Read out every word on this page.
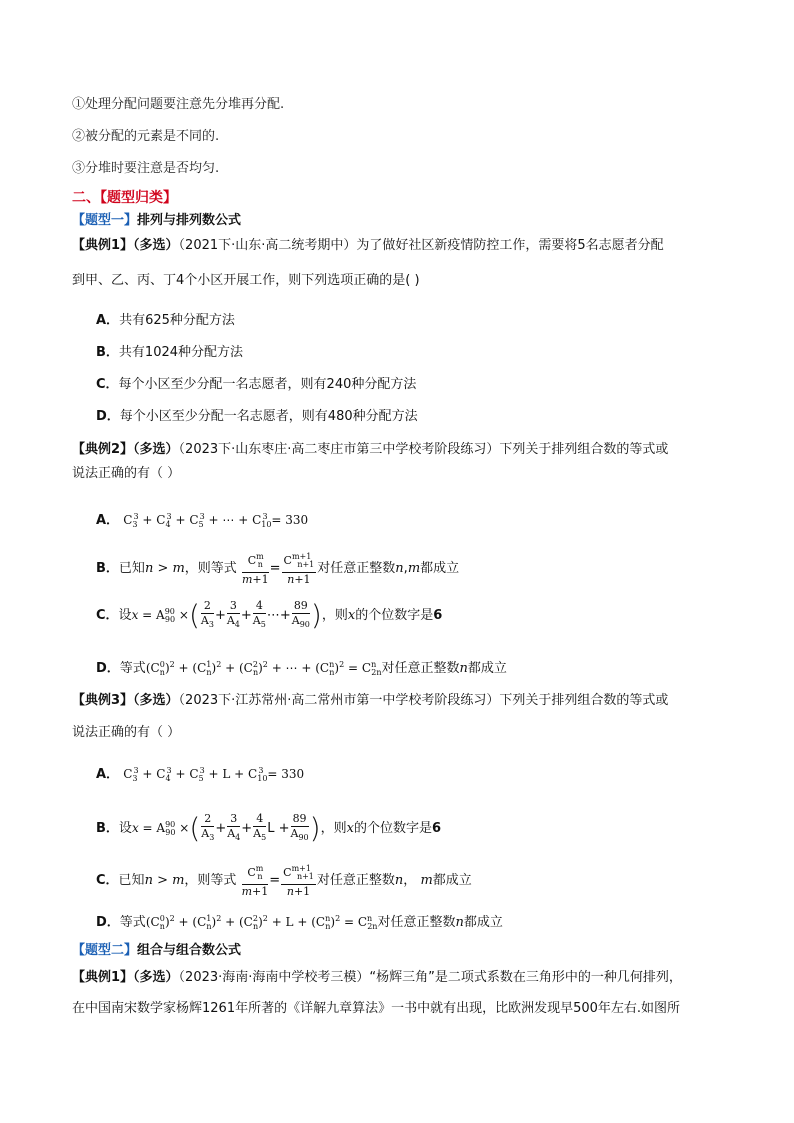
①处理分配问题要注意先分堆再分配.
②被分配的元素是不同的.
③分堆时要注意是否均匀.
二、【题型归类】
【题型一】排列与排列数公式
【典例1】（多选）（2021下·山东·高二统考期中）为了做好社区新疫情防控工作，需要将5名志愿者分配
到甲、乙、丙、丁4个小区开展工作，则下列选项正确的是( )
A．共有625种分配方法
B．共有1024种分配方法
C．每个小区至少分配一名志愿者，则有240种分配方法
D．每个小区至少分配一名志愿者，则有480种分配方法
【典例2】（多选）（2023下·山东枣庄·高二枣庄市第三中学校考阶段练习）下列关于排列组合数的等式或
说法正确的有（ ）
A． $C_3^3 + C_4^3 + C_5^3$ + ⋯ + $C_{10}^3 = 330$
B．已知n > m，则等式 $\frac{C^m_n}{m+1} = \frac{C^{m+1}_{n+1}}{n+1}$ 对任意正整数n,m都成立
C．设$x = A^{90}_{90}$ ×( $\frac{2}{A_3} + \frac{3}{A_4} + \frac{4}{A_5}$ ⋯+ $\frac{89}{A_{90}}$ )，则x的个位数字是6
D．等式$(C^0_n)^2 + (C^1_n)^2 + (C^2_n)^2$ + ⋯ + $(C^n_n)^2 = C^n_{2n}$对任意正整数n都成立
【典例3】（多选）（2023下·江苏常州·高二常州市第一中学校考阶段练习）下列关于排列组合数的等式或
说法正确的有（ ）
A． $C_3^3 + C_4^3 + C_5^3 + L + C_{10}^3 = 330$
B．设$x = A^{90}_{90}$ ×( $\frac{2}{A_3} + \frac{3}{A_4} + \frac{4}{A_5}$ $L + \frac{89}{A_{90}}$ )，则x的个位数字是6
C．已知n > m，则等式 $\frac{C^m_n}{m+1} = \frac{C^{m+1}_{n+1}}{n+1}$ 对任意正整数n， m都成立
D．等式$(C^0_n)^2 + (C^1_n)^2 + (C^2_n)^2 + L + (C^n_n)^2 = C^n_{2n}$对任意正整数n都成立
【题型二】组合与组合数公式
【典例1】（多选）（2023·海南·海南中学校考三模）“杨辉三角”是二项式系数在三角形中的一种几何排列，
在中国南宋数学家杨辉1261年所著的《详解九章算法》一书中就有出现，比欧洲发现早500年左右.如图所
